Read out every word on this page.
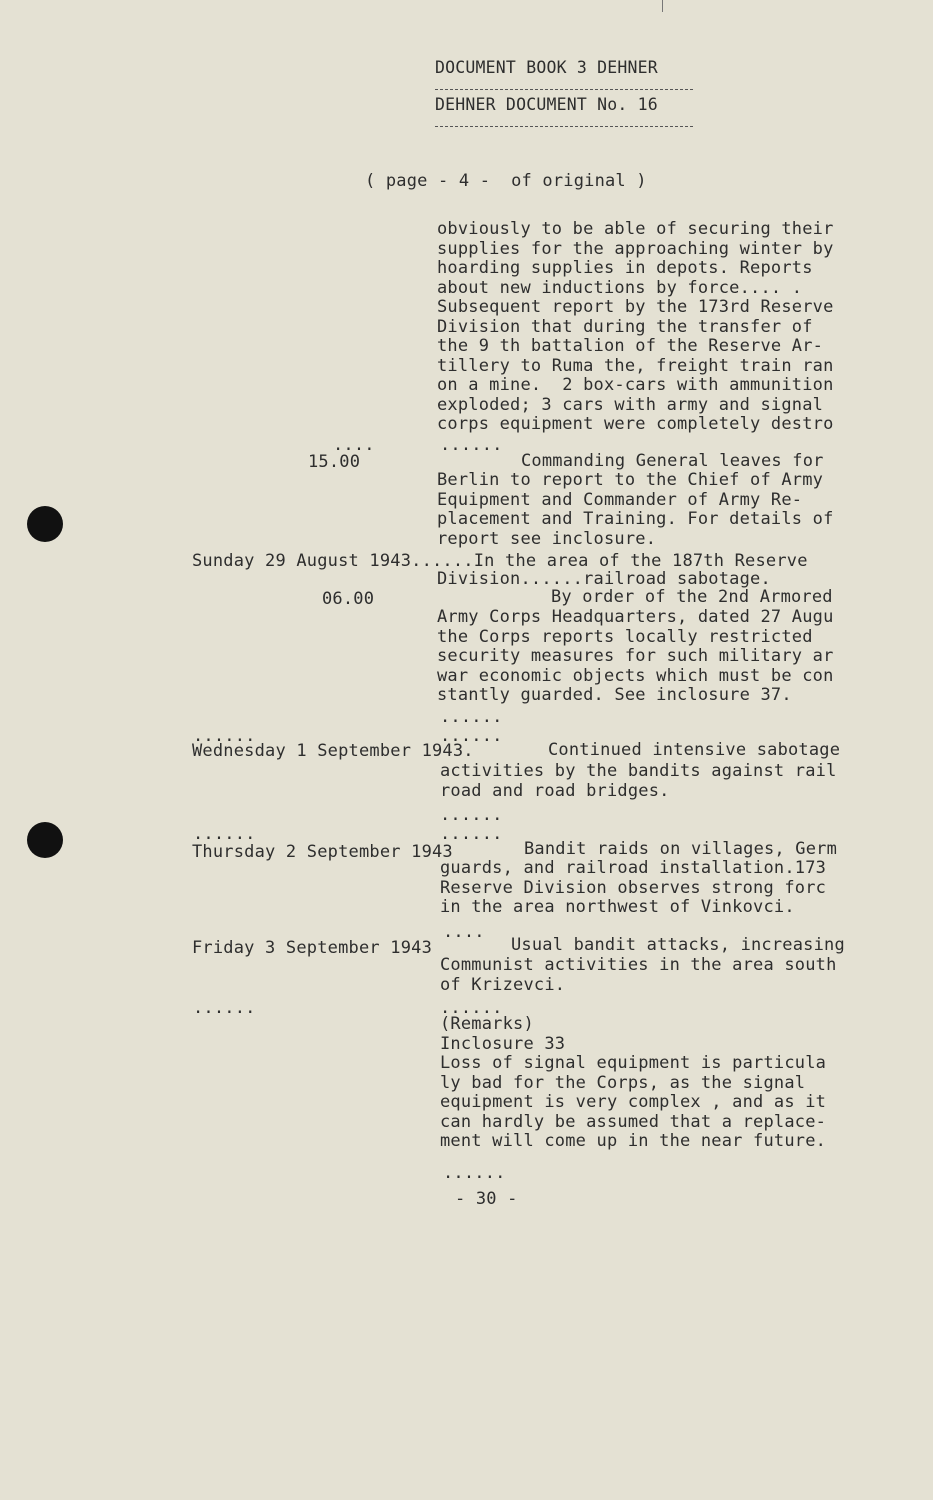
DOCUMENT BOOK 3 DEHNER
DEHNER DOCUMENT No. 16
( page - 4 -  of original )
obviously to be able of securing their
supplies for the approaching winter by
hoarding supplies in depots. Reports
about new inductions by force.... .
Subsequent report by the 173rd Reserve
Division that during the transfer of
the 9 th battalion of the Reserve Ar-
tillery to Ruma the, freight train ran
on a mine.  2 box-cars with ammunition
exploded; 3 cars with army and signal
corps equipment were completely destro
....	......
15.00	Commanding General leaves for
Berlin to report to the Chief of Army
Equipment and Commander of Army Re-
placement and Training. For details of
report see inclosure.
Sunday 29 August 1943......In the area of the 187th Reserve
Division......railroad sabotage.
06.00	By order of the 2nd Armored
Army Corps Headquarters, dated 27 Augu
the Corps reports locally restricted
security measures for such military ar
war economic objects which must be con
stantly guarded. See inclosure 37.
......
......	......
Wednesday 1 September 1943.	Continued intensive sabotage
activities by the bandits against rail
road and road bridges.
......
......	......
Thursday 2 September 1943	Bandit raids on villages, Germ
guards, and railroad installation.173
Reserve Division observes strong forc
in the area northwest of Vinkovci.
....
Friday 3 September 1943	Usual bandit attacks, increasing
Communist activities in the area south
of Krizevci.
......	......
(Remarks)
Inclosure 33
Loss of signal equipment is particula
ly bad for the Corps, as the signal
equipment is very complex , and as it
can hardly be assumed that a replace-
ment will come up in the near future.
......
- 30 -
